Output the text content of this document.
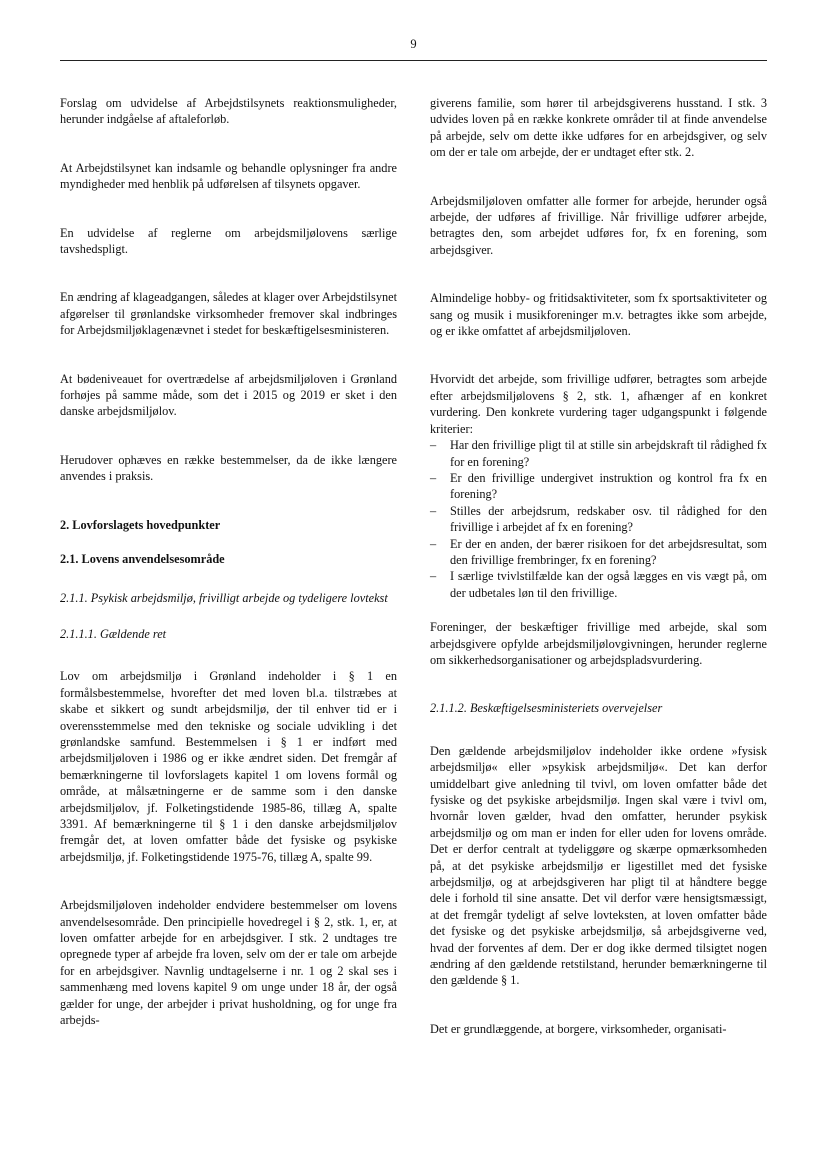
9

Forslag om udvidelse af Arbejdstilsynets reaktionsmuligheder, herunder indgåelse af aftaleforløb.

At Arbejdstilsynet kan indsamle og behandle oplysninger fra andre myndigheder med henblik på udførelsen af tilsynets opgaver.

En udvidelse af reglerne om arbejdsmiljølovens særlige tavshedspligt.

En ændring af klageadgangen, således at klager over Arbejdstilsynet afgørelser til grønlandske virksomheder fremover skal indbringes for Arbejdsmiljøklagenævnet i stedet for beskæftigelsesministeren.

At bødeniveauet for overtrædelse af arbejdsmiljøloven i Grønland forhøjes på samme måde, som det i 2015 og 2019 er sket i den danske arbejdsmiljølov.

Herudover ophæves en række bestemmelser, da de ikke længere anvendes i praksis.

2. Lovforslagets hovedpunkter
2.1. Lovens anvendelsesområde
2.1.1. Psykisk arbejdsmiljø, frivilligt arbejde og tydeligere lovtekst
2.1.1.1. Gældende ret

Lov om arbejdsmiljø i Grønland indeholder i § 1 en formålsbestemmelse, hvorefter det med loven bl.a. tilstræbes at skabe et sikkert og sundt arbejdsmiljø, der til enhver tid er i overensstemmelse med den tekniske og sociale udvikling i det grønlandske samfund. Bestemmelsen i § 1 er indført med arbejdsmiljøloven i 1986 og er ikke ændret siden. Det fremgår af bemærkningerne til lovforslagets kapitel 1 om lovens formål og område, at målsætningerne er de samme som i den danske arbejdsmiljølov, jf. Folketingstidende 1985-86, tillæg A, spalte 3391. Af bemærkningerne til § 1 i den danske arbejdsmiljølov fremgår det, at loven omfatter både det fysiske og psykiske arbejdsmiljø, jf. Folketingstidende 1975-76, tillæg A, spalte 99.

Arbejdsmiljøloven indeholder endvidere bestemmelser om lovens anvendelsesområde. Den principielle hovedregel i § 2, stk. 1, er, at loven omfatter arbejde for en arbejdsgiver. I stk. 2 undtages tre opregnede typer af arbejde fra loven, selv om der er tale om arbejde for en arbejdsgiver. Navnlig undtagelserne i nr. 1 og 2 skal ses i sammenhæng med lovens kapitel 9 om unge under 18 år, der også gælder for unge, der arbejder i privat husholdning, og for unge fra arbejds-

giverens familie, som hører til arbejdsgiverens husstand. I stk. 3 udvides loven på en række konkrete områder til at finde anvendelse på arbejde, selv om dette ikke udføres for en arbejdsgiver, og selv om der er tale om arbejde, der er undtaget efter stk. 2.

Arbejdsmiljøloven omfatter alle former for arbejde, herunder også arbejde, der udføres af frivillige. Når frivillige udfører arbejde, betragtes den, som arbejdet udføres for, fx en forening, som arbejdsgiver.

Almindelige hobby- og fritidsaktiviteter, som fx sportsaktiviteter og sang og musik i musikforeninger m.v. betragtes ikke som arbejde, og er ikke omfattet af arbejdsmiljøloven.

Hvorvidt det arbejde, som frivillige udfører, betragtes som arbejde efter arbejdsmiljølovens § 2, stk. 1, afhænger af en konkret vurdering. Den konkrete vurdering tager udgangspunkt i følgende kriterier:

– Har den frivillige pligt til at stille sin arbejdskraft til rådighed fx for en forening?
– Er den frivillige undergivet instruktion og kontrol fra fx en forening?
– Stilles der arbejdsrum, redskaber osv. til rådighed for den frivillige i arbejdet af fx en forening?
– Er der en anden, der bærer risikoen for det arbejdsresultat, som den frivillige frembringer, fx en forening?
– I særlige tvivlstilfælde kan der også lægges en vis vægt på, om der udbetales løn til den frivillige.

Foreninger, der beskæftiger frivillige med arbejde, skal som arbejdsgivere opfylde arbejdsmiljølovgivningen, herunder reglerne om sikkerhedsorganisationer og arbejdspladsvurdering.

2.1.1.2. Beskæftigelsesministeriets overvejelser

Den gældende arbejdsmiljølov indeholder ikke ordene »fysisk arbejdsmiljø« eller »psykisk arbejdsmiljø«. Det kan derfor umiddelbart give anledning til tvivl, om loven omfatter både det fysiske og det psykiske arbejdsmiljø. Ingen skal være i tvivl om, hvornår loven gælder, hvad den omfatter, herunder psykisk arbejdsmiljø og om man er inden for eller uden for lovens område. Det er derfor centralt at tydeliggøre og skærpe opmærksomheden på, at det psykiske arbejdsmiljø er ligestillet med det fysiske arbejdsmiljø, og at arbejdsgiveren har pligt til at håndtere begge dele i forhold til sine ansatte. Det vil derfor være hensigtsmæssigt, at det fremgår tydeligt af selve lovteksten, at loven omfatter både det fysiske og det psykiske arbejdsmiljø, så arbejdsgiverne ved, hvad der forventes af dem. Der er dog ikke dermed tilsigtet nogen ændring af den gældende retstilstand, herunder bemærkningerne til den gældende § 1.

Det er grundlæggende, at borgere, virksomheder, organisati-
